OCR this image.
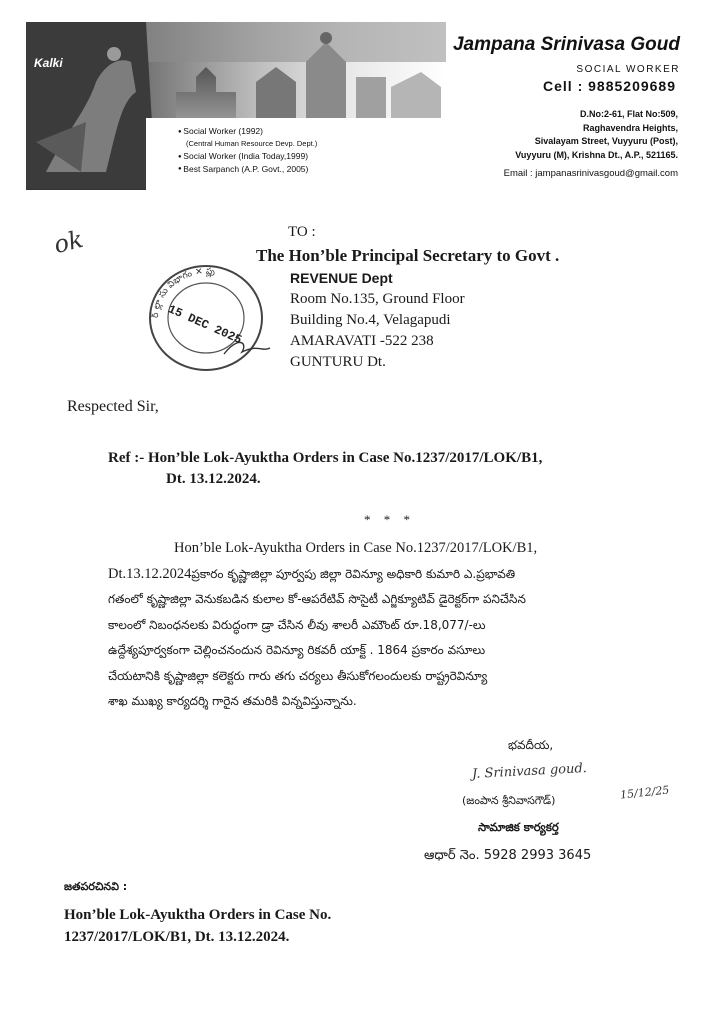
Kalki
Jampana Srinivasa Goud
SOCIAL WORKER
Cell : 9885209689
D.No:2-61, Flat No:509,
Raghavendra Heights,
Sivalayam Street, Vuyyuru (Post),
Vuyyuru (M), Krishna Dt., A.P., 521165.
Email : jampanasrinivasgoud@gmail.com
● Social Worker (1992)
(Central Human Resource Devp. Dept.)
● Social Worker (India Today,1999)
● Best Sarpanch (A.P. Govt., 2005)
ok
ర్ ల్లా సు విభాగం ✕ ప్లు
15 DEC 2025
TO :
The Hon’ble Principal Secretary to Govt .
REVENUE Dept
Room No.135, Ground Floor
Building No.4, Velagapudi
AMARAVATI -522 238
GUNTURU Dt.
Respected Sir,
Ref :- Hon’ble Lok-Ayuktha Orders in Case No.1237/2017/LOK/B1,
Dt. 13.12.2024.
* * *
Hon’ble Lok-Ayuktha Orders in Case No.1237/2017/LOK/B1,
Dt.13.12.2024ప్రకారం కృష్ణాజిల్లా పూర్వపు జిల్లా రెవిన్యూ అధికారి కుమారి ఎ.ప్రభావతి
గతంలో కృష్ణాజిల్లా వెనుకబడిన కులాల కో-ఆపరేటివ్ సొసైటీ ఎగ్జిక్యూటివ్ డైరెక్టర్‌గా పనిచేసిన
కాలంలో నిబంధనలకు విరుద్ధంగా డ్రా చేసిన లీవు శాలరీ ఎమౌంట్ రూ.18,077/-లు
ఉద్దేశ్యపూర్వకంగా చెల్లించనందున రెవిన్యూ రికవరీ యాక్ట్ . 1864 ప్రకారం వసూలు
చేయటానికి కృష్ణాజిల్లా కలెక్టరు గారు తగు చర్యలు తీసుకోగలందులకు రాష్ట్రరెవిన్యూ
శాఖ ముఖ్య కార్యదర్శి గారైన తమరికి విన్నవిస్తున్నాను.
భవదీయ,
J. Srinivasa goud.
15/12/25
(జంపాన శ్రీనివాసగౌడ్)
సామాజిక కార్యకర్త
ఆధార్ నెం. 5928 2993 3645
జతపరచినవి :
Hon’ble Lok-Ayuktha Orders in Case No.
1237/2017/LOK/B1, Dt. 13.12.2024.
